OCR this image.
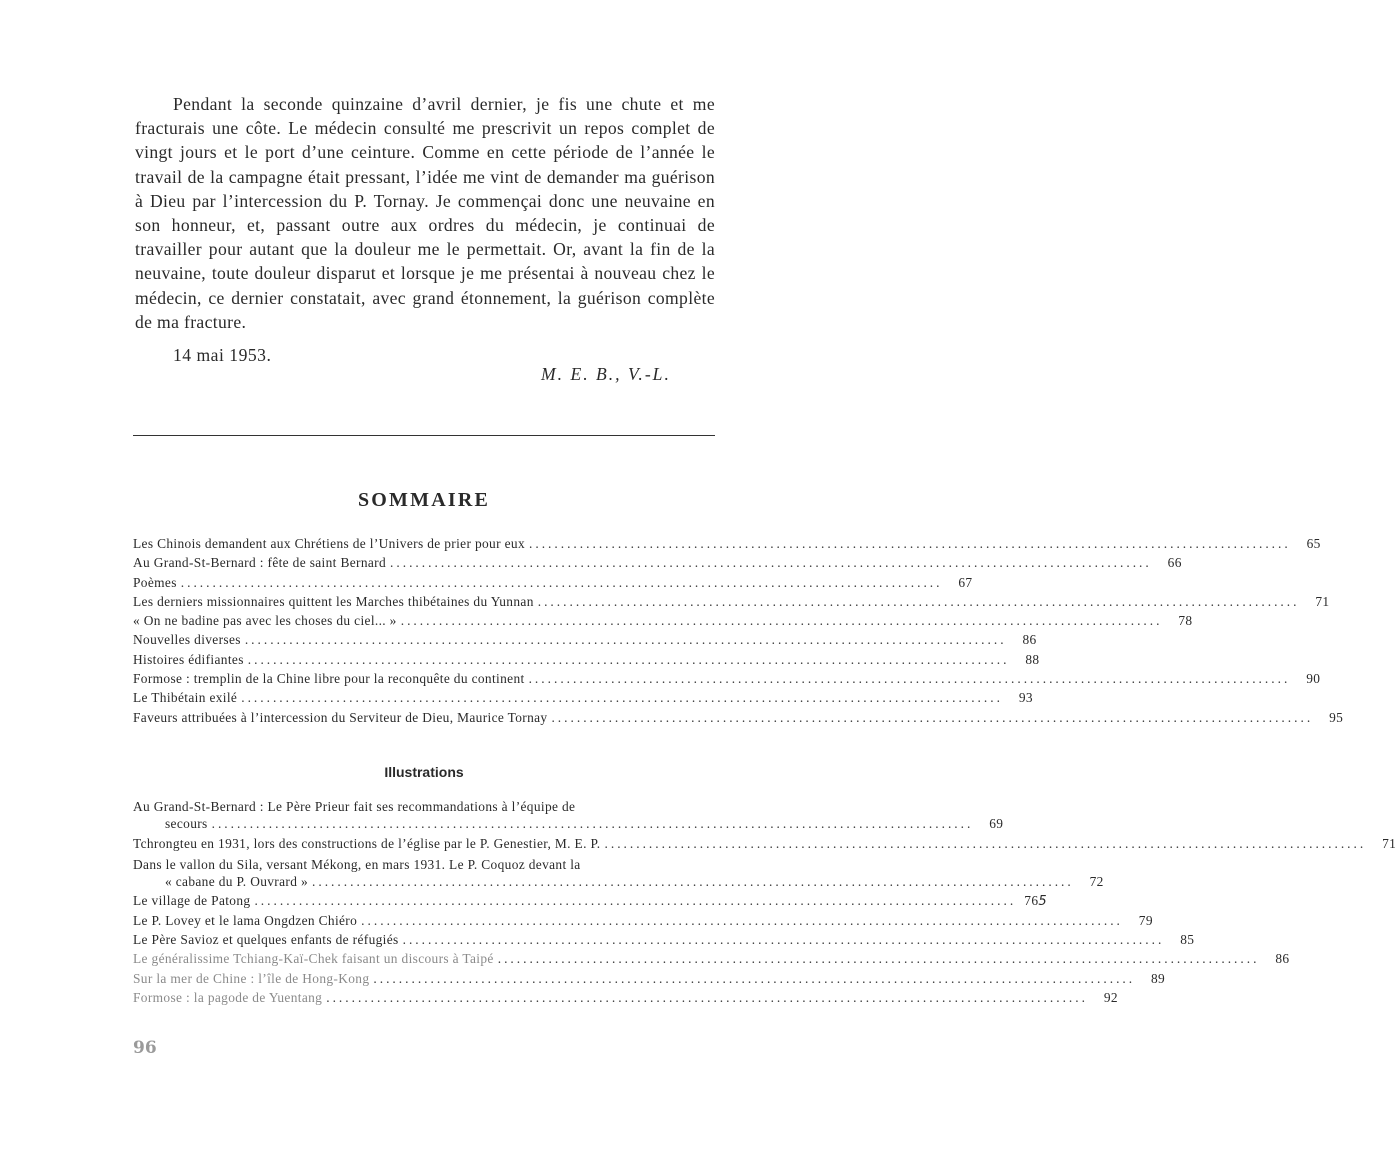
Pendant la seconde quinzaine d’avril dernier, je fis une chute et me fracturais une côte. Le médecin consulté me prescrivit un repos complet de vingt jours et le port d’une ceinture. Comme en cette période de l’année le travail de la campagne était pressant, l’idée me vint de demander ma guérison à Dieu par l’intercession du P. Tornay. Je commençai donc une neuvaine en son honneur, et, passant outre aux ordres du médecin, je continuai de travailler pour autant que la douleur me le permettait. Or, avant la fin de la neuvaine, toute douleur disparut et lorsque je me présentai à nouveau chez le médecin, ce dernier constatait, avec grand étonnement, la guérison complète de ma fracture.

14 mai 1953.
M. E. B., V.-L.
SOMMAIRE
Les Chinois demandent aux Chrétiens de l’Univers de prier pour eux ........................................................................................................................	65
Au Grand-St-Bernard : fête de saint Bernard ........................................................................................................................	66
Poèmes ........................................................................................................................	67
Les derniers missionnaires quittent les Marches thibétaines du Yunnan ........................................................................................................................	71
« On ne badine pas avec les choses du ciel... » ........................................................................................................................	78
Nouvelles diverses ........................................................................................................................	86
Histoires édifiantes ........................................................................................................................	88
Formose : tremplin de la Chine libre pour la reconquête du continent ........................................................................................................................	90
Le Thibétain exilé ........................................................................................................................	93
Faveurs attribuées à l’intercession du Serviteur de Dieu, Maurice Tornay ........................................................................................................................	95
Illustrations
Au Grand-St-Bernard : Le Père Prieur fait ses recommandations à l’équipe de
secours ........................................................................................................................	69
Tchrongteu en 1931, lors des constructions de l’église par le P. Genestier, M. E. P. ........................................................................................................................	71
Dans le vallon du Sila, versant Mékong, en mars 1931. Le P. Coquoz devant la
« cabane du P. Ouvrard » ........................................................................................................................	72
Le village de Patong ........................................................................................................................ 765
Le P. Lovey et le lama Ongdzen Chiéro ........................................................................................................................	79
Le Père Savioz et quelques enfants de réfugiés ........................................................................................................................	85
Le généralissime Tchiang-Kaï-Chek faisant un discours à Taipé ........................................................................................................................	86
Sur la mer de Chine : l’île de Hong-Kong ........................................................................................................................	89
Formose : la pagode de Yuentang ........................................................................................................................	92
96
